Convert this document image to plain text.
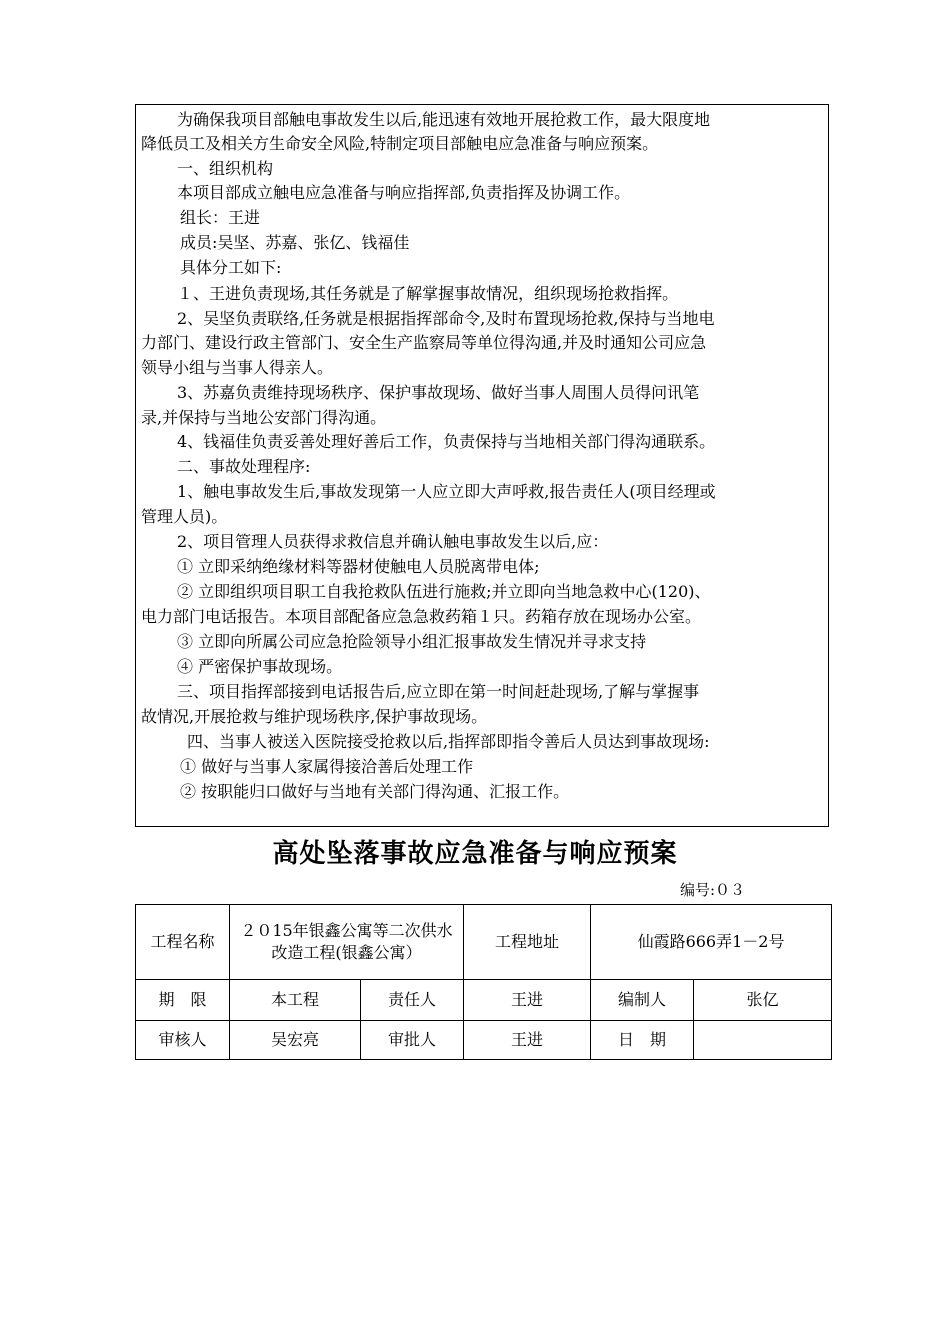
为确保我项目部触电事故发生以后,能迅速有效地开展抢救工作，最大限度地
降低员工及相关方生命安全风险,特制定项目部触电应急准备与响应预案。
一、组织机构
本项目部成立触电应急准备与响应指挥部,负责指挥及协调工作。
组长：王进
成员:吴坚、苏嘉、张亿、钱福佳
具体分工如下:
１、王进负责现场,其任务就是了解掌握事故情况，组织现场抢救指挥。
2、吴坚负责联络,任务就是根据指挥部命令,及时布置现场抢救,保持与当地电
力部门、建设行政主管部门、安全生产监察局等单位得沟通,并及时通知公司应急
领导小组与当事人得亲人。
3、苏嘉负责维持现场秩序、保护事故现场、做好当事人周围人员得问讯笔
录,并保持与当地公安部门得沟通。
4、钱福佳负责妥善处理好善后工作，负责保持与当地相关部门得沟通联系。
二、事故处理程序:
1、触电事故发生后,事故发现第一人应立即大声呼救,报告责任人(项目经理或
管理人员)。
2、项目管理人员获得求救信息并确认触电事故发生以后,应：
① 立即采纳绝缘材料等器材使触电人员脱离带电体;
② 立即组织项目职工自我抢救队伍进行施救;并立即向当地急救中心(120)、
电力部门电话报告。本项目部配备应急急救药箱１只。药箱存放在现场办公室。
③ 立即向所属公司应急抢险领导小组汇报事故发生情况并寻求支持
④ 严密保护事故现场。
三、项目指挥部接到电话报告后,应立即在第一时间赶赴现场,了解与掌握事
故情况,开展抢救与维护现场秩序,保护事故现场。
四、当事人被送入医院接受抢救以后,指挥部即指令善后人员达到事故现场:
① 做好与当事人家属得接洽善后处理工作
② 按职能归口做好与当地有关部门得沟通、汇报工作。
高处坠落事故应急准备与响应预案
编号:０３
工程名称	２０15年银鑫公寓等二次供水改造工程(银鑫公寓）		工程地址	仙霞路666弄1－2号	
期　限	本工程	责任人	王进	编制人	张亿
审核人	吴宏亮	审批人	王进	日　期	
